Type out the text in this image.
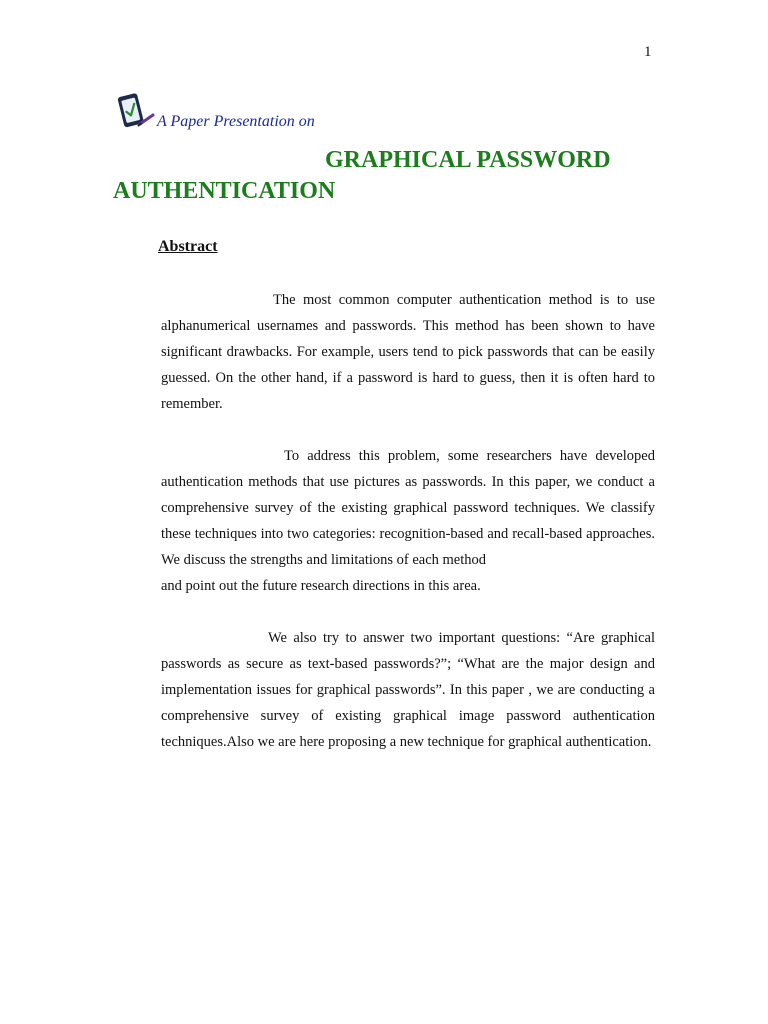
1
A Paper Presentation on
GRAPHICAL PASSWORD
AUTHENTICATION
Abstract
The most common computer authentication method is to use alphanumerical usernames and passwords. This method has been shown to have significant drawbacks. For example, users tend to pick passwords that can be easily guessed. On the other hand, if a password is hard to guess, then it is often hard to remember.
To address this problem, some researchers have developed authentication methods that use pictures as passwords. In this paper, we conduct a comprehensive survey of the existing graphical password techniques. We classify these techniques into two categories: recognition-based and recall-based approaches. We discuss the strengths and limitations of each method
and point out the future research directions in this area.
We also try to answer two important questions: “Are graphical passwords as secure as text-based passwords?”; “What are the major design and implementation issues for graphical passwords”. In this paper , we are conducting a comprehensive survey of existing graphical image password authentication techniques.Also we are here proposing a new technique for graphical authentication.
